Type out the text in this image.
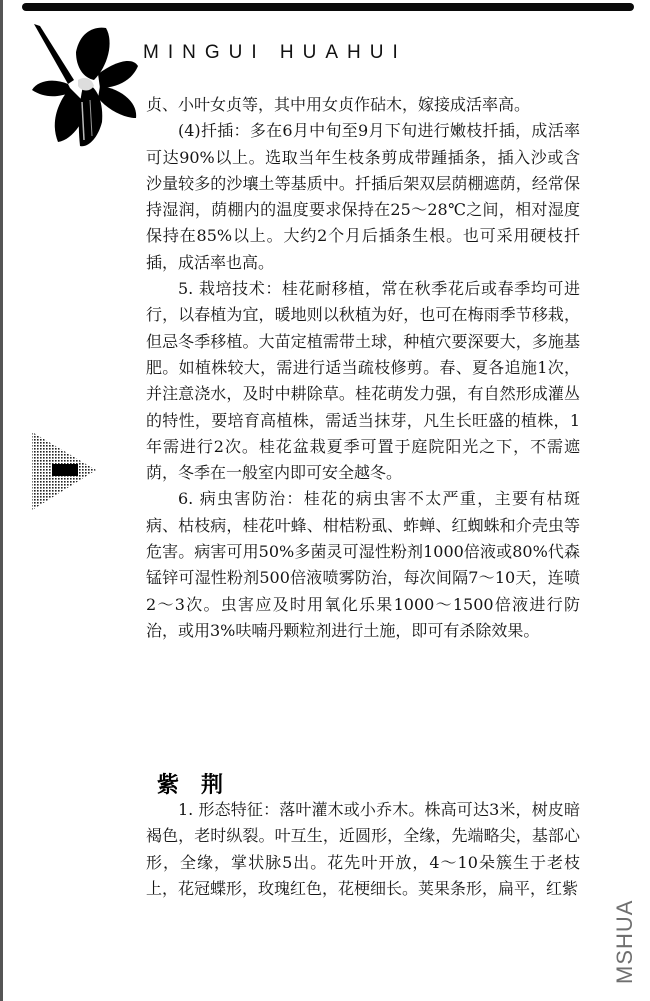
MINGUI HUAHUI

贞、小叶女贞等，其中用女贞作砧木，嫁接成活率高。

(4)扦插：多在6月中旬至9月下旬进行嫩枝扦插，成活率可达90%以上。选取当年生枝条剪成带踵插条，插入沙或含沙量较多的沙壤土等基质中。扦插后架双层荫棚遮荫，经常保持湿润，荫棚内的温度要求保持在25～28℃之间，相对湿度保持在85%以上。大约2个月后插条生根。也可采用硬枝扦插，成活率也高。

5. 栽培技术：桂花耐移植，常在秋季花后或春季均可进行，以春植为宜，暖地则以秋植为好，也可在梅雨季节移栽，但忌冬季移植。大苗定植需带土球，种植穴要深要大，多施基肥。如植株较大，需进行适当疏枝修剪。春、夏各追施1次，并注意浇水，及时中耕除草。桂花萌发力强，有自然形成灌丛的特性，要培育高植株，需适当抹芽，凡生长旺盛的植株，1年需进行2次。桂花盆栽夏季可置于庭院阳光之下，不需遮荫，冬季在一般室内即可安全越冬。

6. 病虫害防治：桂花的病虫害不太严重，主要有枯斑病、枯枝病，桂花叶蜂、柑桔粉虱、蚱蝉、红蜘蛛和介壳虫等危害。病害可用50%多菌灵可湿性粉剂1000倍液或80%代森锰锌可湿性粉剂500倍液喷雾防治，每次间隔7～10天，连喷2～3次。虫害应及时用氧化乐果1000～1500倍液进行防治，或用3%呋喃丹颗粒剂进行土施，即可有杀除效果。

紫荆

1. 形态特征：落叶灌木或小乔木。株高可达3米，树皮暗褐色，老时纵裂。叶互生，近圆形，全缘，先端略尖，基部心形，全缘，掌状脉5出。花先叶开放，4～10朵簇生于老枝上，花冠蝶形，玫瑰红色，花梗细长。荚果条形，扁平，红紫

MSHUA
